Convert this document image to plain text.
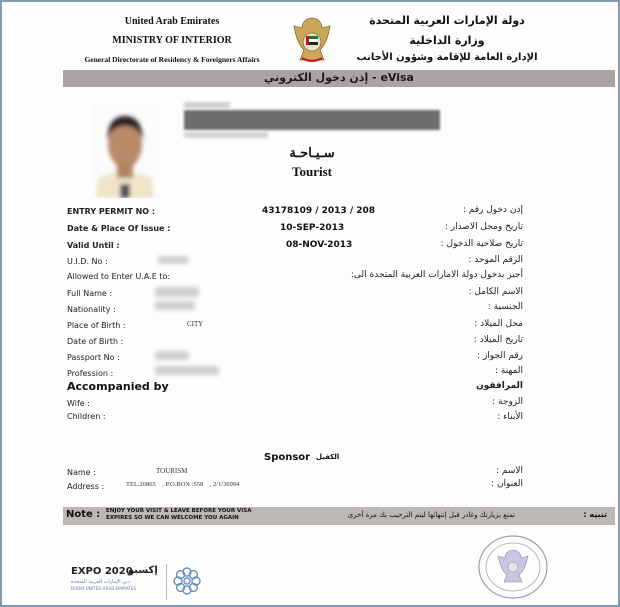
United Arab Emirates
MINISTRY OF INTERIOR
General Directorate of Residency & Foreigners Affairs
دولة الإمارات العربية المتحدة
وزارة الداخلية
الإدارة العامة للإقامة وشؤون الأجانب
إذن دخول الكتروني - eVisa
سـيـاحـة
Tourist
ENTRY PERMIT NO :	43178109 / 2013 / 208	إذن دخول رقم :
Date & Place Of Issue :	10-SEP-2013	تاريخ ومحل الاصدار :
Valid Until :	08-NOV-2013	تاريخ صلاحية الدخول :
U.I.D. No :	الرقم الموحد :
Allowed to Enter U.A.E to:	أجيز بدخول دولة الامارات العربية المتحدة الى:
Full Name :	الاسم الكامل :
Nationality :	الجنسية :
Place of Birth :	CITY	محل الميلاد :
Date of Birth :	تاريخ الميلاد :
Passport No :	رقم الجواز :
Profession :	المهنة :
Accompanied by	المرافقون
Wife :	الزوجة :
Children :	الأبناء :
Sponsor الكفيل
Name :	TOURISM	الاسم :
Address :	TEL.26865    , P.O.BOX :558    , 2/1/36994	العنوان :
Note : ENJOY YOUR VISIT & LEAVE BEFORE YOUR VISA
EXPIRES SO WE CAN WELCOME YOU AGAIN	تمتع بزيارتك وغادر قبل إنتهائها ليتم الترحيب بك مرة أخرى	تنبيه :
EXPO 2020
إكسبو
دبي الإمارات العربية المتحدة
DUBAI UNITED ARAB EMIRATES
